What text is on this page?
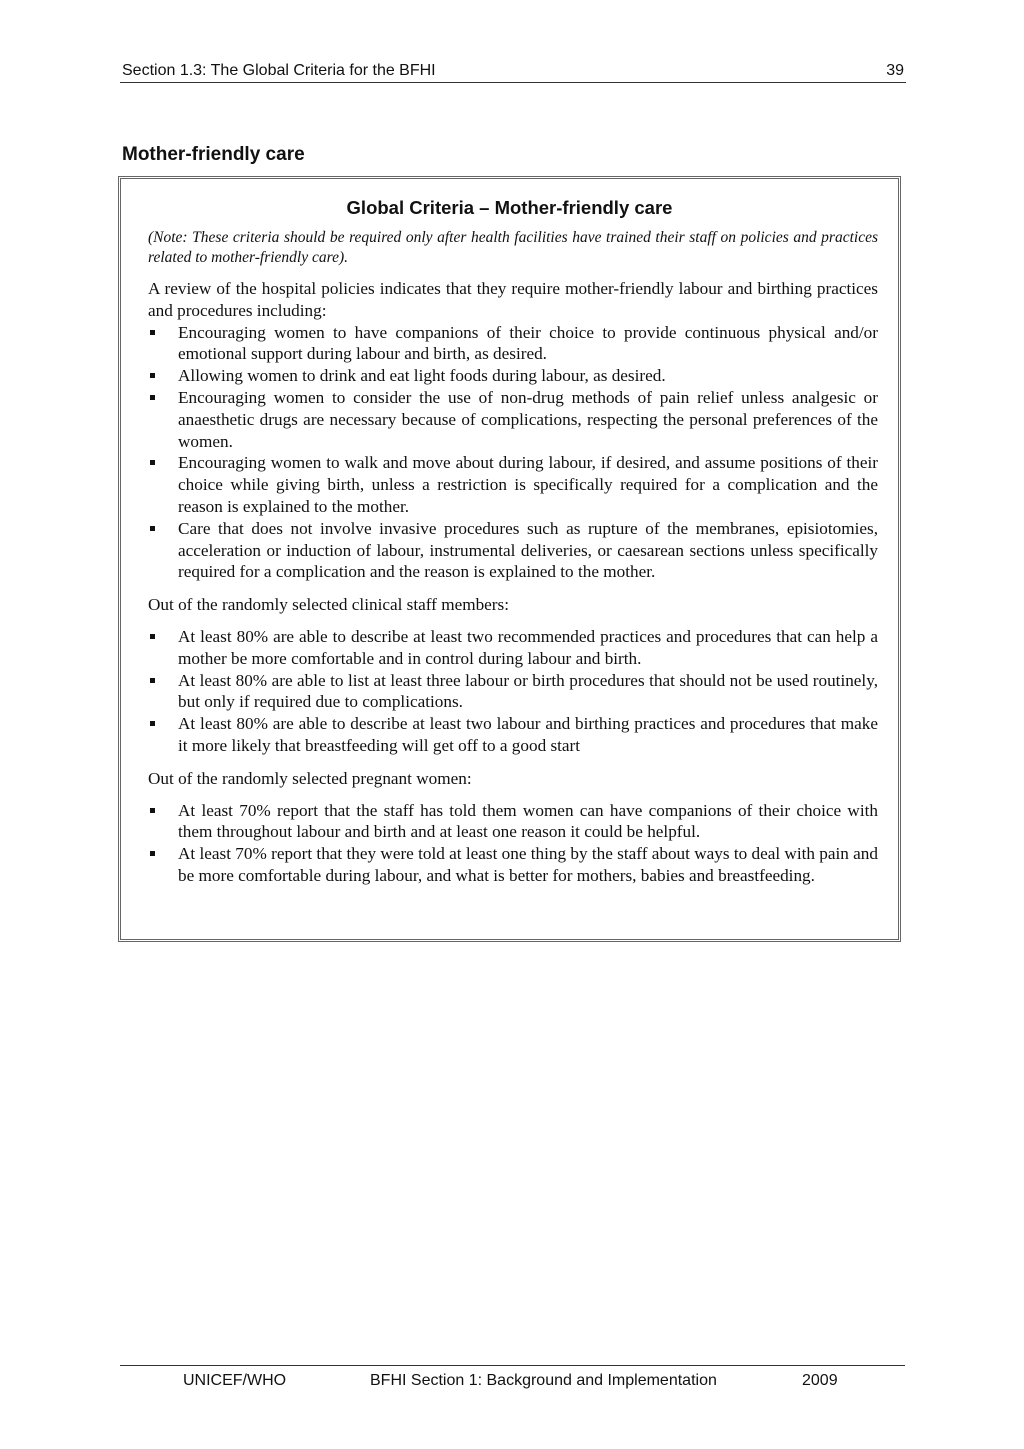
Section 1.3: The Global Criteria for the BFHI	39
Mother-friendly care
Global Criteria – Mother-friendly care

(Note: These criteria should be required only after health facilities have trained their staff on policies and practices related to mother-friendly care).

A review of the hospital policies indicates that they require mother-friendly labour and birthing practices and procedures including:

Encouraging women to have companions of their choice to provide continuous physical and/or emotional support during labour and birth, as desired.
Allowing women to drink and eat light foods during labour, as desired.
Encouraging women to consider the use of non-drug methods of pain relief unless analgesic or anaesthetic drugs are necessary because of complications, respecting the personal preferences of the women.
Encouraging women to walk and move about during labour, if desired, and assume positions of their choice while giving birth, unless a restriction is specifically required for a complication and the reason is explained to the mother.
Care that does not involve invasive procedures such as rupture of the membranes, episiotomies, acceleration or induction of labour, instrumental deliveries, or caesarean sections unless specifically required for a complication and the reason is explained to the mother.

Out of the randomly selected clinical staff members:

At least 80% are able to describe at least two recommended practices and procedures that can help a mother be more comfortable and in control during labour and birth.
At least 80% are able to list at least three labour or birth procedures that should not be used routinely, but only if required due to complications.
At least 80% are able to describe at least two labour and birthing practices and procedures that make it more likely that breastfeeding will get off to a good start

Out of the randomly selected pregnant women:

At least 70% report that the staff has told them women can have companions of their choice with them throughout labour and birth and at least one reason it could be helpful.
At least 70% report that they were told at least one thing by the staff about ways to deal with pain and be more comfortable during labour, and what is better for mothers, babies and breastfeeding.
UNICEF/WHO	BFHI Section 1: Background and Implementation	2009
